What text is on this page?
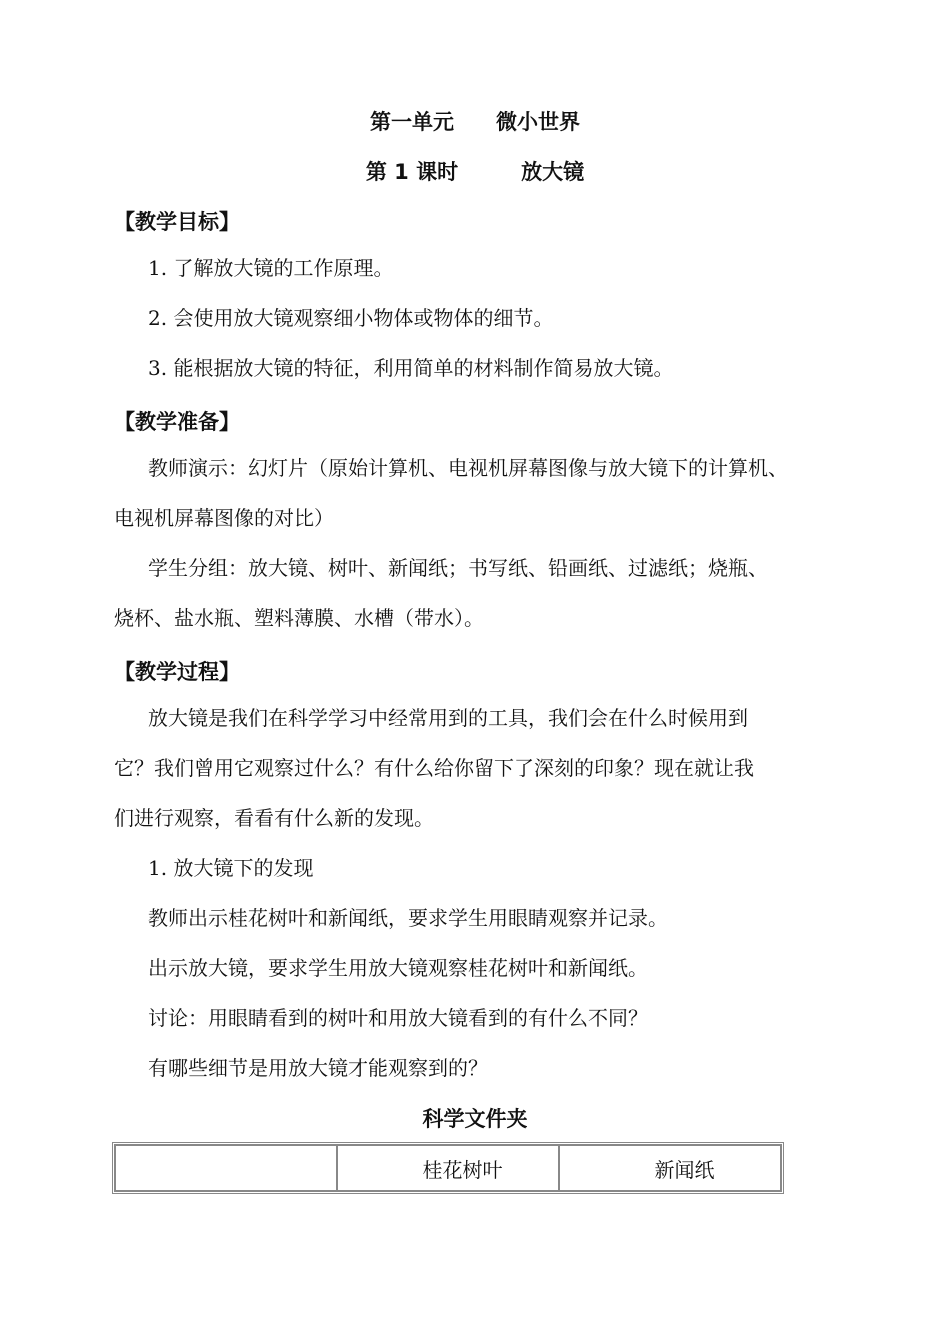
第一单元　　微小世界
第 1 课时　　　放大镜
【教学目标】
1. 了解放大镜的工作原理。
2. 会使用放大镜观察细小物体或物体的细节。
3. 能根据放大镜的特征，利用简单的材料制作简易放大镜。
【教学准备】
教师演示：幻灯片（原始计算机、电视机屏幕图像与放大镜下的计算机、
电视机屏幕图像的对比）
学生分组：放大镜、树叶、新闻纸；书写纸、铅画纸、过滤纸；烧瓶、
烧杯、盐水瓶、塑料薄膜、水槽（带水）。
【教学过程】
放大镜是我们在科学学习中经常用到的工具，我们会在什么时候用到
它？我们曾用它观察过什么？有什么给你留下了深刻的印象？现在就让我
们进行观察，看看有什么新的发现。
1. 放大镜下的发现
教师出示桂花树叶和新闻纸，要求学生用眼睛观察并记录。
出示放大镜，要求学生用放大镜观察桂花树叶和新闻纸。
讨论：用眼睛看到的树叶和用放大镜看到的有什么不同？
有哪些细节是用放大镜才能观察到的？
科学文件夹
	桂花树叶	新闻纸
